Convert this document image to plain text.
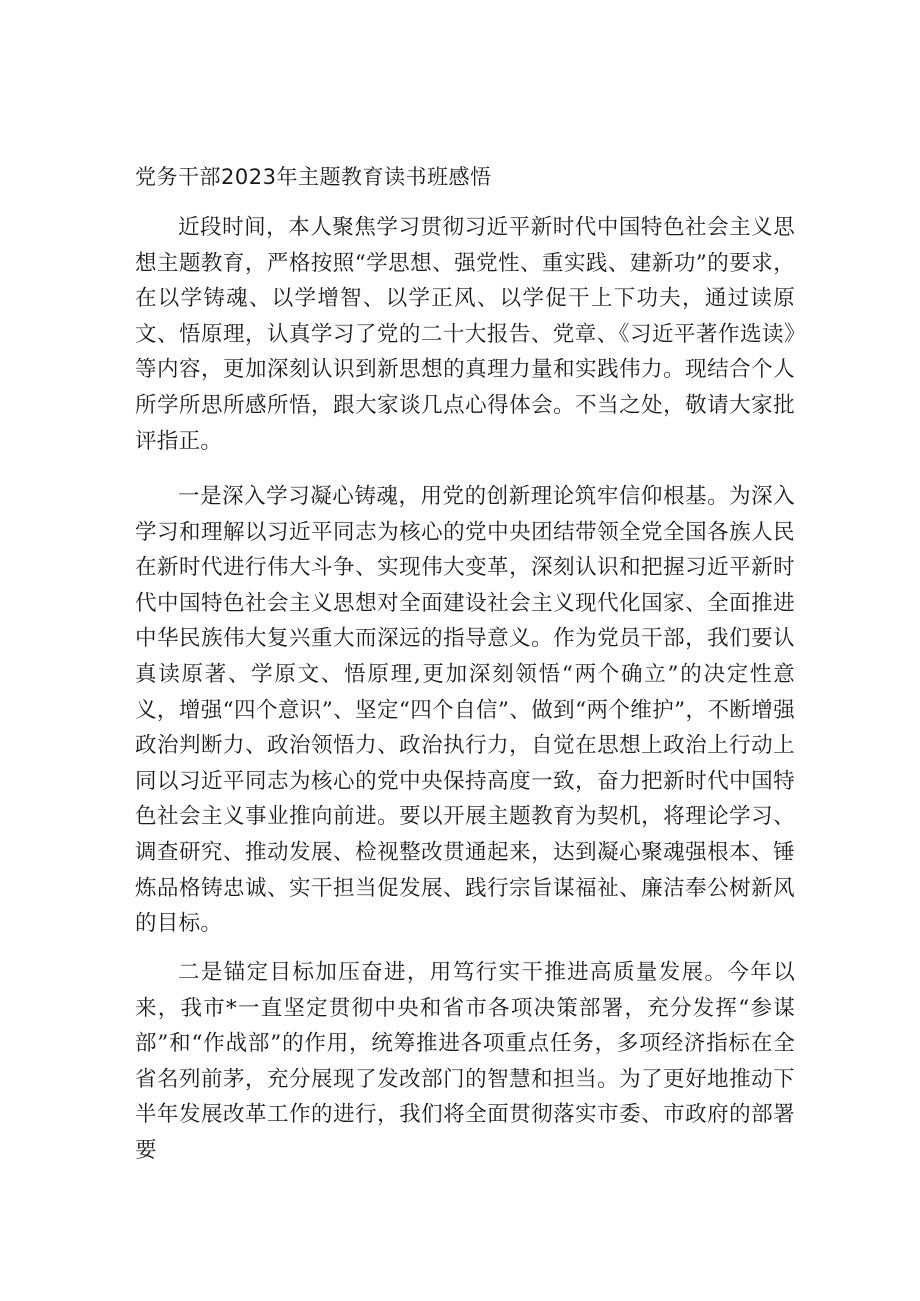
党务干部2023年主题教育读书班感悟

近段时间，本人聚焦学习贯彻习近平新时代中国特色社会主义思想主题教育，严格按照“学思想、强党性、重实践、建新功”的要求，在以学铸魂、以学增智、以学正风、以学促干上下功夫，通过读原文、悟原理，认真学习了党的二十大报告、党章、《习近平著作选读》等内容，更加深刻认识到新思想的真理力量和实践伟力。现结合个人所学所思所感所悟，跟大家谈几点心得体会。不当之处，敬请大家批评指正。

一是深入学习凝心铸魂，用党的创新理论筑牢信仰根基。为深入学习和理解以习近平同志为核心的党中央团结带领全党全国各族人民在新时代进行伟大斗争、实现伟大变革，深刻认识和把握习近平新时代中国特色社会主义思想对全面建设社会主义现代化国家、全面推进中华民族伟大复兴重大而深远的指导意义。作为党员干部，我们要认真读原著、学原文、悟原理,更加深刻领悟“两个确立”的决定性意义，增强“四个意识”、坚定“四个自信”、做到“两个维护”，不断增强政治判断力、政治领悟力、政治执行力，自觉在思想上政治上行动上同以习近平同志为核心的党中央保持高度一致，奋力把新时代中国特色社会主义事业推向前进。要以开展主题教育为契机，将理论学习、调查研究、推动发展、检视整改贯通起来，达到凝心聚魂强根本、锤炼品格铸忠诚、实干担当促发展、践行宗旨谋福祉、廉洁奉公树新风的目标。

二是锚定目标加压奋进，用笃行实干推进高质量发展。今年以来，我市*一直坚定贯彻中央和省市各项决策部署，充分发挥“参谋部”和“作战部”的作用，统筹推进各项重点任务，多项经济指标在全省名列前茅，充分展现了发改部门的智慧和担当。为了更好地推动下半年发展改革工作的进行，我们将全面贯彻落实市委、市政府的部署要
